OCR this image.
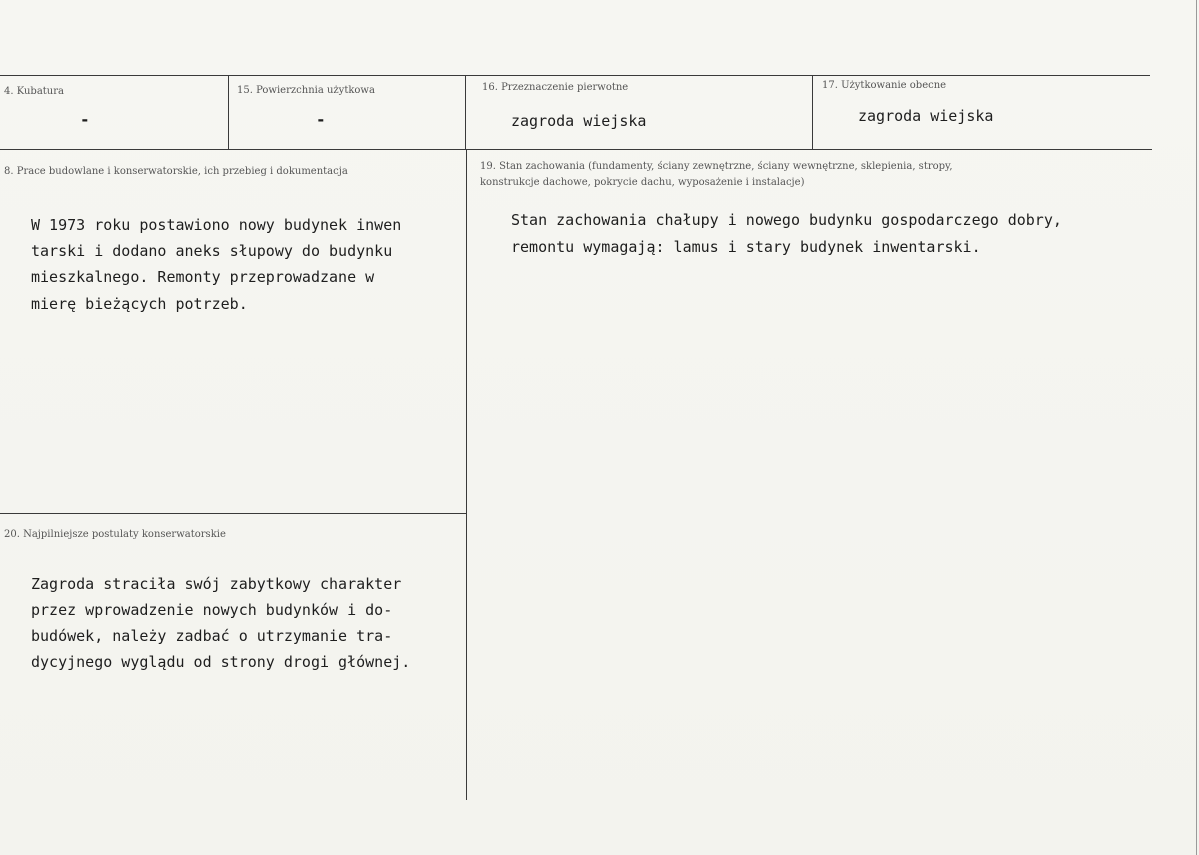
4. Kubatura
-
15. Powierzchnia użytkowa
-
16. Przeznaczenie pierwotne
zagroda wiejska
17. Użytkowanie obecne
zagroda wiejska
8. Prace budowlane i konserwatorskie, ich przebieg i dokumentacja
W 1973 roku postawiono nowy budynek inwen
tarski i dodano aneks słupowy do budynku
mieszkalnego. Remonty przeprowadzane w
mierę bieżących potrzeb.
19. Stan zachowania (fundamenty, ściany zewnętrzne, ściany wewnętrzne, sklepienia, stropy,
konstrukcje dachowe, pokrycie dachu, wyposażenie i instalacje)
Stan zachowania chałupy i nowego budynku gospodarczego dobry,
remontu wymagają: lamus i stary budynek inwentarski.
20. Najpilniejsze postulaty konserwatorskie
Zagroda straciła swój zabytkowy charakter
przez wprowadzenie nowych budynków i do-
budówek, należy zadbać o utrzymanie tra-
dycyjnego wyglądu od strony drogi głównej.
